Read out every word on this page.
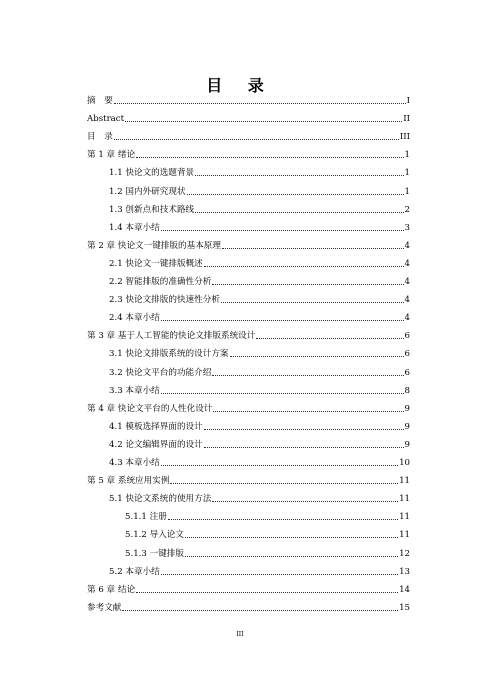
目 录
摘　要	I
Abstract	II
目　录	III
第 1 章 绪论	1
1.1 快论文的选题背景	1
1.2 国内外研究现状	1
1.3 创新点和技术路线	2
1.4 本章小结	3
第 2 章 快论文一键排版的基本原理	4
2.1 快论文一键排版概述	4
2.2 智能排版的准确性分析	4
2.3 快论文排版的快速性分析	4
2.4 本章小结	4
第 3 章 基于人工智能的快论文排版系统设计	6
3.1 快论文排版系统的设计方案	6
3.2 快论文平台的功能介绍	6
3.3 本章小结	8
第 4 章 快论文平台的人性化设计	9
4.1 模板选择界面的设计	9
4.2 论文编辑界面的设计	9
4.3 本章小结	10
第 5 章 系统应用实例	11
5.1 快论文系统的使用方法	11
5.1.1 注册	11
5.1.2 导入论文	11
5.1.3 一键排版	12
5.2 本章小结	13
第 6 章 结论	14
参考文献	15
III
